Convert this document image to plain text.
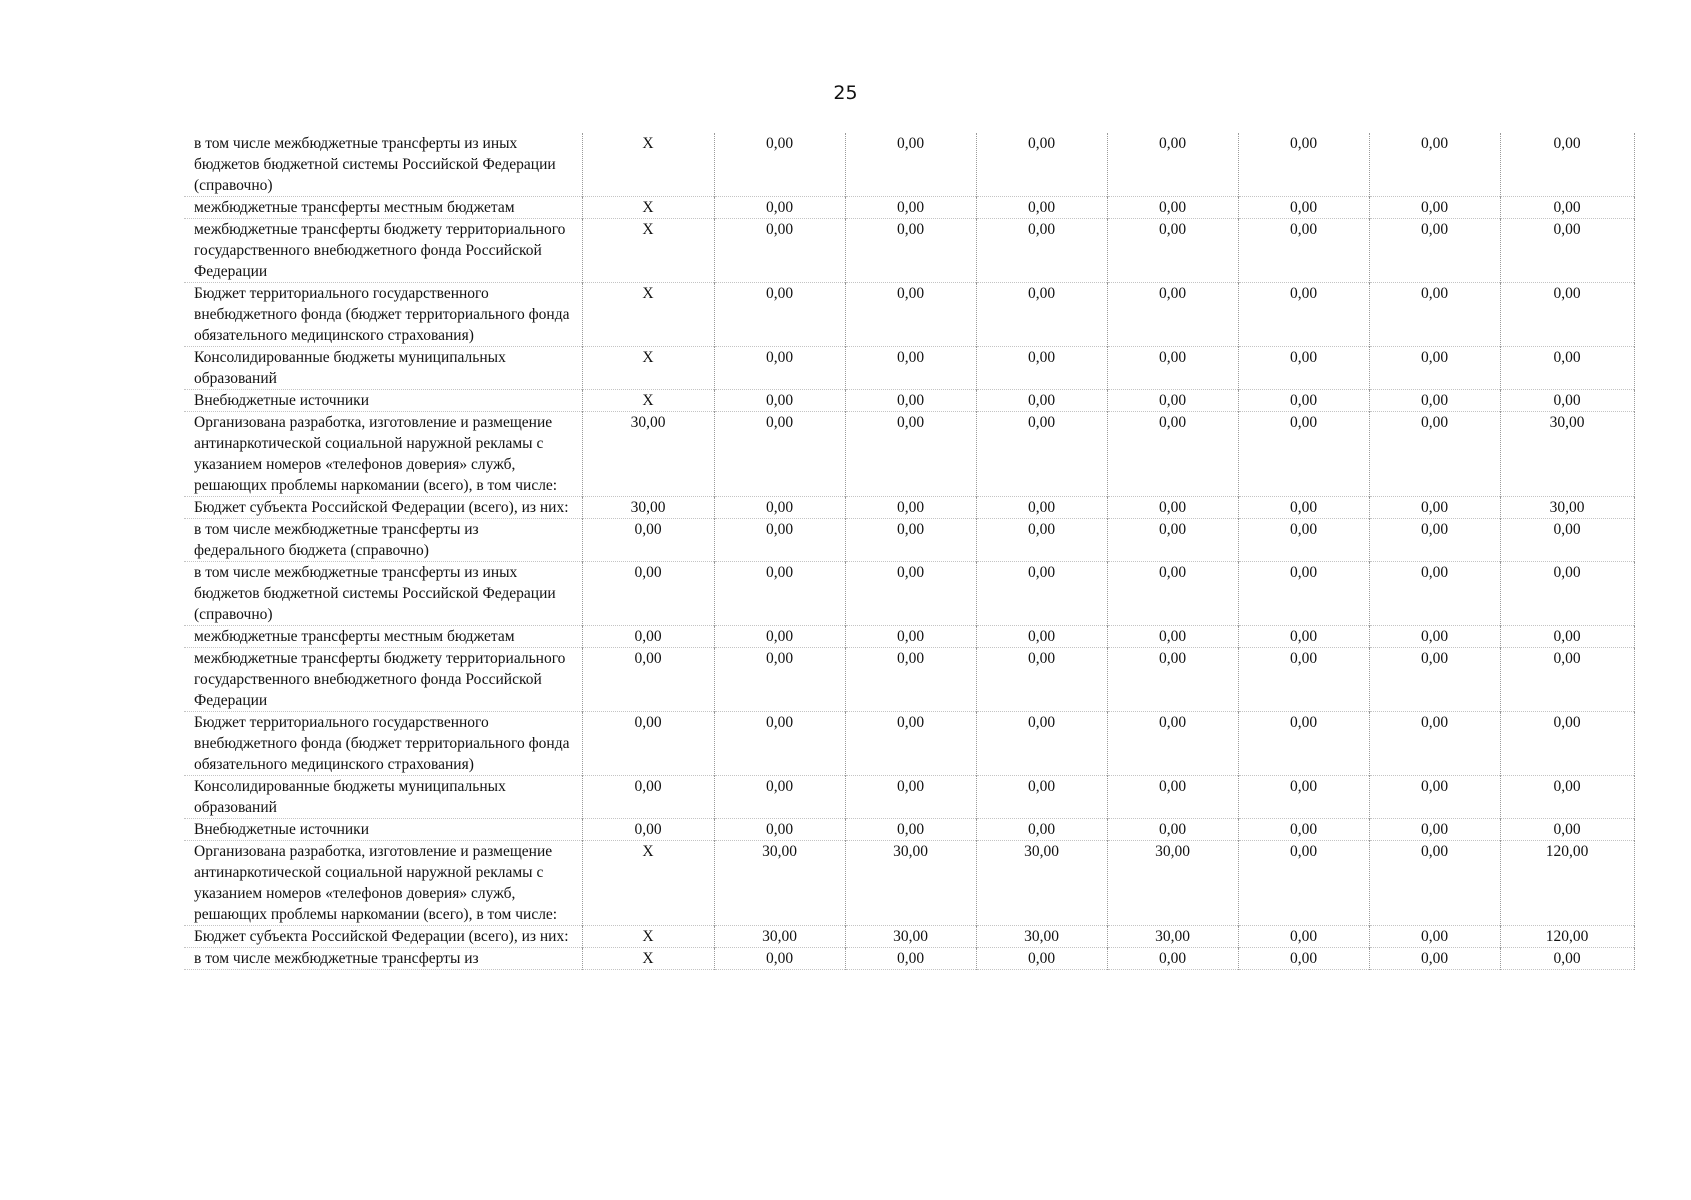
25
в том числе межбюджетные трансферты из иных бюджетов бюджетной системы Российской Федерации (справочно)	X	0,00	0,00	0,00	0,00	0,00	0,00	0,00
межбюджетные трансферты местным бюджетам	X	0,00	0,00	0,00	0,00	0,00	0,00	0,00
межбюджетные трансферты бюджету территориального государственного внебюджетного фонда Российской Федерации	X	0,00	0,00	0,00	0,00	0,00	0,00	0,00
Бюджет территориального государственного внебюджетного фонда (бюджет территориального фонда обязательного медицинского страхования)	X	0,00	0,00	0,00	0,00	0,00	0,00	0,00
Консолидированные бюджеты муниципальных образований	X	0,00	0,00	0,00	0,00	0,00	0,00	0,00
Внебюджетные источники	X	0,00	0,00	0,00	0,00	0,00	0,00	0,00
Организована разработка, изготовление и размещение антинаркотической социальной наружной рекламы с указанием номеров «телефонов доверия» служб, решающих проблемы наркомании (всего), в том числе:	30,00	0,00	0,00	0,00	0,00	0,00	0,00	30,00
Бюджет субъекта Российской Федерации (всего), из них:	30,00	0,00	0,00	0,00	0,00	0,00	0,00	30,00
в том числе межбюджетные трансферты из федерального бюджета (справочно)	0,00	0,00	0,00	0,00	0,00	0,00	0,00	0,00
в том числе межбюджетные трансферты из иных бюджетов бюджетной системы Российской Федерации (справочно)	0,00	0,00	0,00	0,00	0,00	0,00	0,00	0,00
межбюджетные трансферты местным бюджетам	0,00	0,00	0,00	0,00	0,00	0,00	0,00	0,00
межбюджетные трансферты бюджету территориального государственного внебюджетного фонда Российской Федерации	0,00	0,00	0,00	0,00	0,00	0,00	0,00	0,00
Бюджет территориального государственного внебюджетного фонда (бюджет территориального фонда обязательного медицинского страхования)	0,00	0,00	0,00	0,00	0,00	0,00	0,00	0,00
Консолидированные бюджеты муниципальных образований	0,00	0,00	0,00	0,00	0,00	0,00	0,00	0,00
Внебюджетные источники	0,00	0,00	0,00	0,00	0,00	0,00	0,00	0,00
Организована разработка, изготовление и размещение антинаркотической социальной наружной рекламы с указанием номеров «телефонов доверия» служб, решающих проблемы наркомании (всего), в том числе:	X	30,00	30,00	30,00	30,00	0,00	0,00	120,00
Бюджет субъекта Российской Федерации (всего), из них:	X	30,00	30,00	30,00	30,00	0,00	0,00	120,00
в том числе межбюджетные трансферты из	X	0,00	0,00	0,00	0,00	0,00	0,00	0,00
